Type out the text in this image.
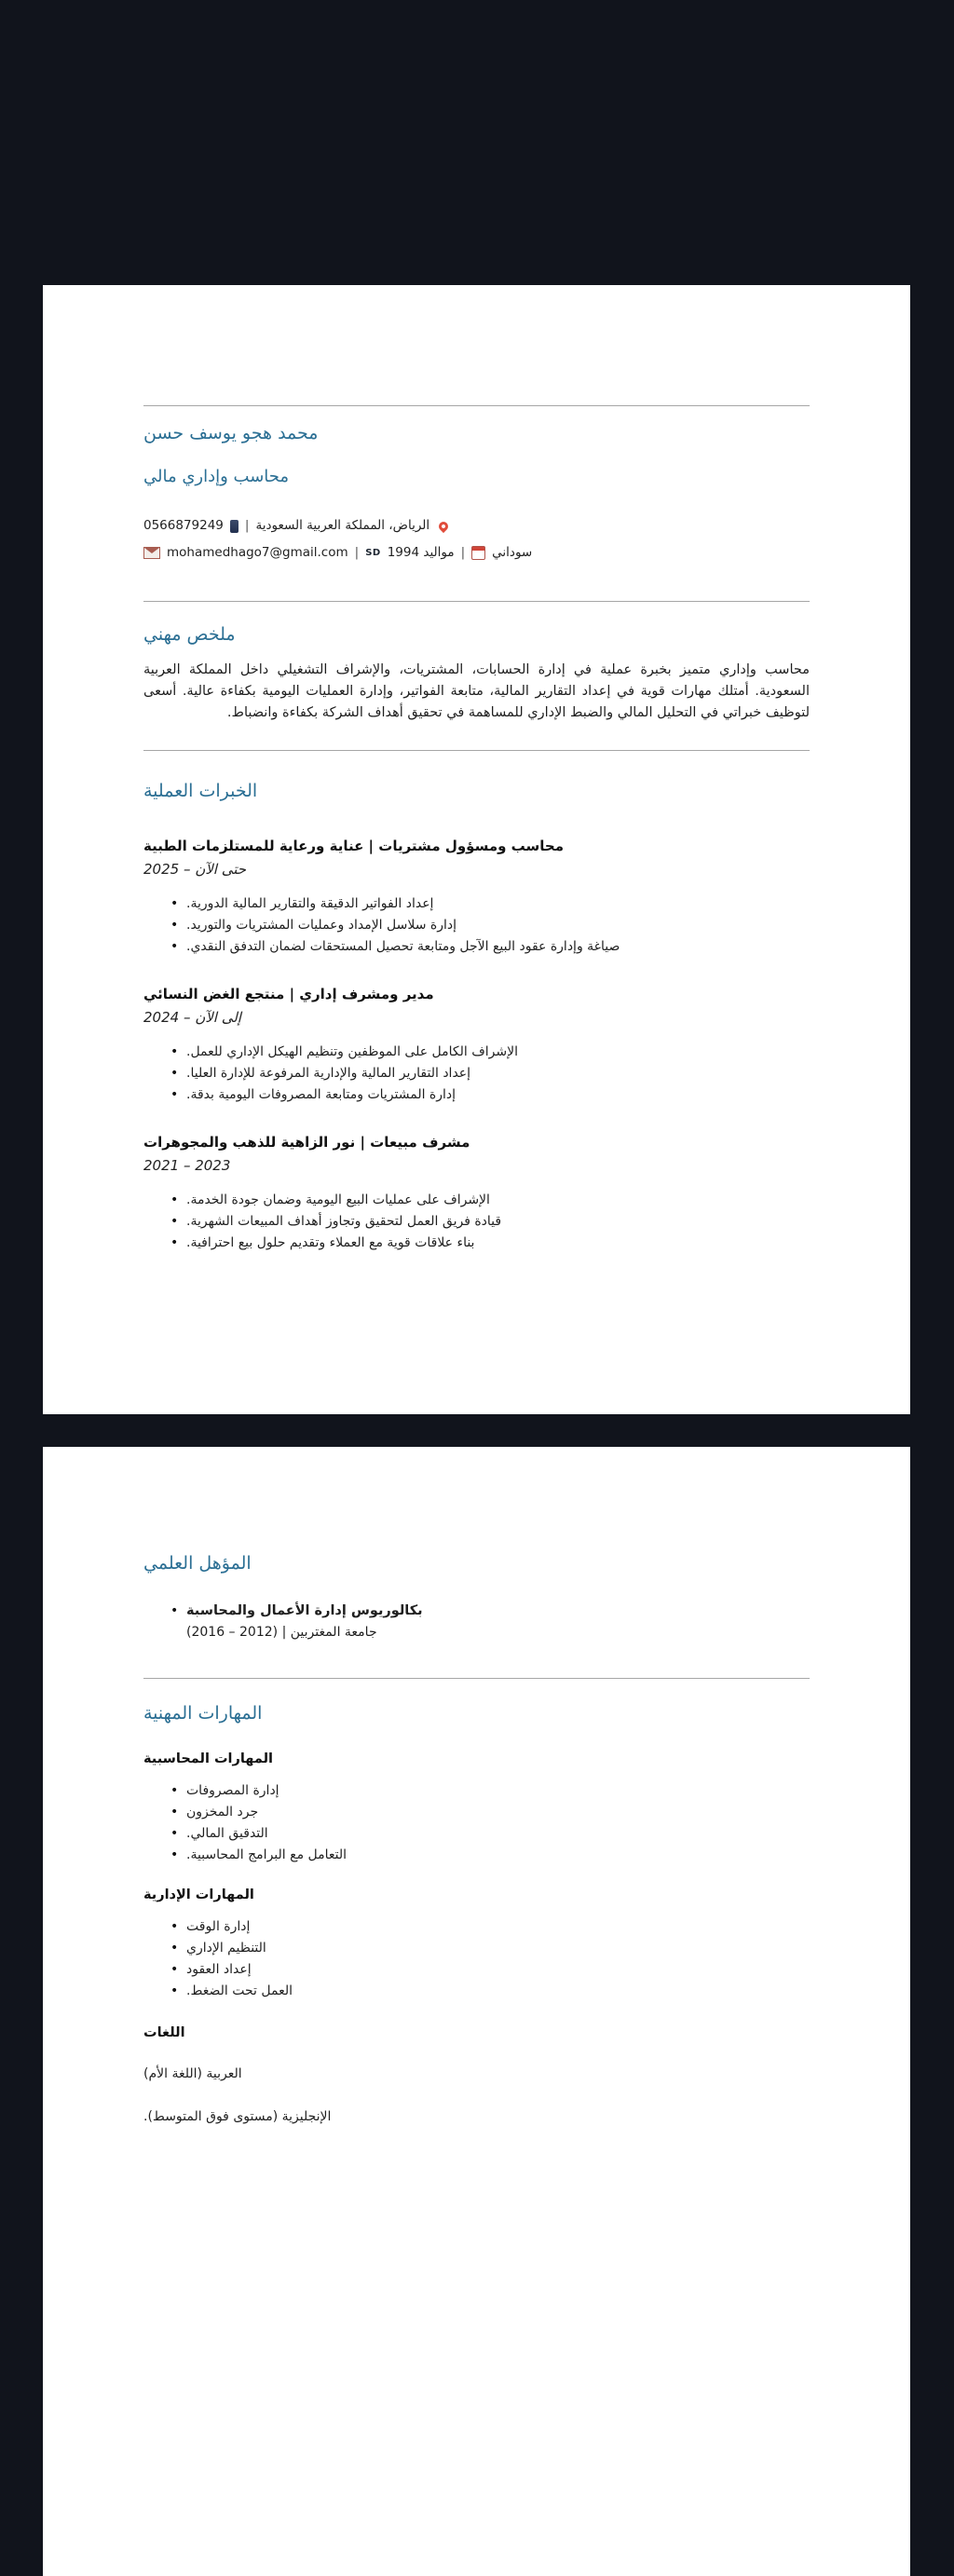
محمد هجو يوسف حسن
محاسب وإداري مالي
0566879249 | الرياض، المملكة العربية السعودية
mohamedhago7@gmail.com | SD 1994 مواليد | سوداني
ملخص مهني
محاسب وإداري متميز بخبرة عملية في إدارة الحسابات، المشتريات، والإشراف التشغيلي داخل المملكة العربية السعودية. أمتلك مهارات قوية في إعداد التقارير المالية، متابعة الفواتير، وإدارة العمليات اليومية بكفاءة عالية. أسعى لتوظيف خبراتي في التحليل المالي والضبط الإداري للمساهمة في تحقيق أهداف الشركة بكفاءة وانضباط.
الخبرات العملية
محاسب ومسؤول مشتريات | عناية ورعاية للمستلزمات الطبية
2025 – حتى الآن
• إعداد الفواتير الدقيقة والتقارير المالية الدورية.
• إدارة سلاسل الإمداد وعمليات المشتريات والتوريد.
• صياغة وإدارة عقود البيع الآجل ومتابعة تحصيل المستحقات لضمان التدفق النقدي.
مدير ومشرف إداري | منتجع الغض النسائي
إلى الآن – 2024
• الإشراف الكامل على الموظفين وتنظيم الهيكل الإداري للعمل.
• إعداد التقارير المالية والإدارية المرفوعة للإدارة العليا.
• إدارة المشتريات ومتابعة المصروفات اليومية بدقة.
مشرف مبيعات | نور الزاهية للذهب والمجوهرات
2021 – 2023
• الإشراف على عمليات البيع اليومية وضمان جودة الخدمة.
• قيادة فريق العمل لتحقيق وتجاوز أهداف المبيعات الشهرية.
• بناء علاقات قوية مع العملاء وتقديم حلول بيع احترافية.
المؤهل العلمي
• بكالوريوس إدارة الأعمال والمحاسبة
جامعة المغتربين | (2012 – 2016)
المهارات المهنية
المهارات المحاسبية
• إدارة المصروفات
• جرد المخزون
• التدقيق المالي.
• التعامل مع البرامج المحاسبية.
المهارات الإدارية
• إدارة الوقت
• التنظيم الإداري
• إعداد العقود
• العمل تحت الضغط.
اللغات
العربية (اللغة الأم)
الإنجليزية (مستوى فوق المتوسط).
